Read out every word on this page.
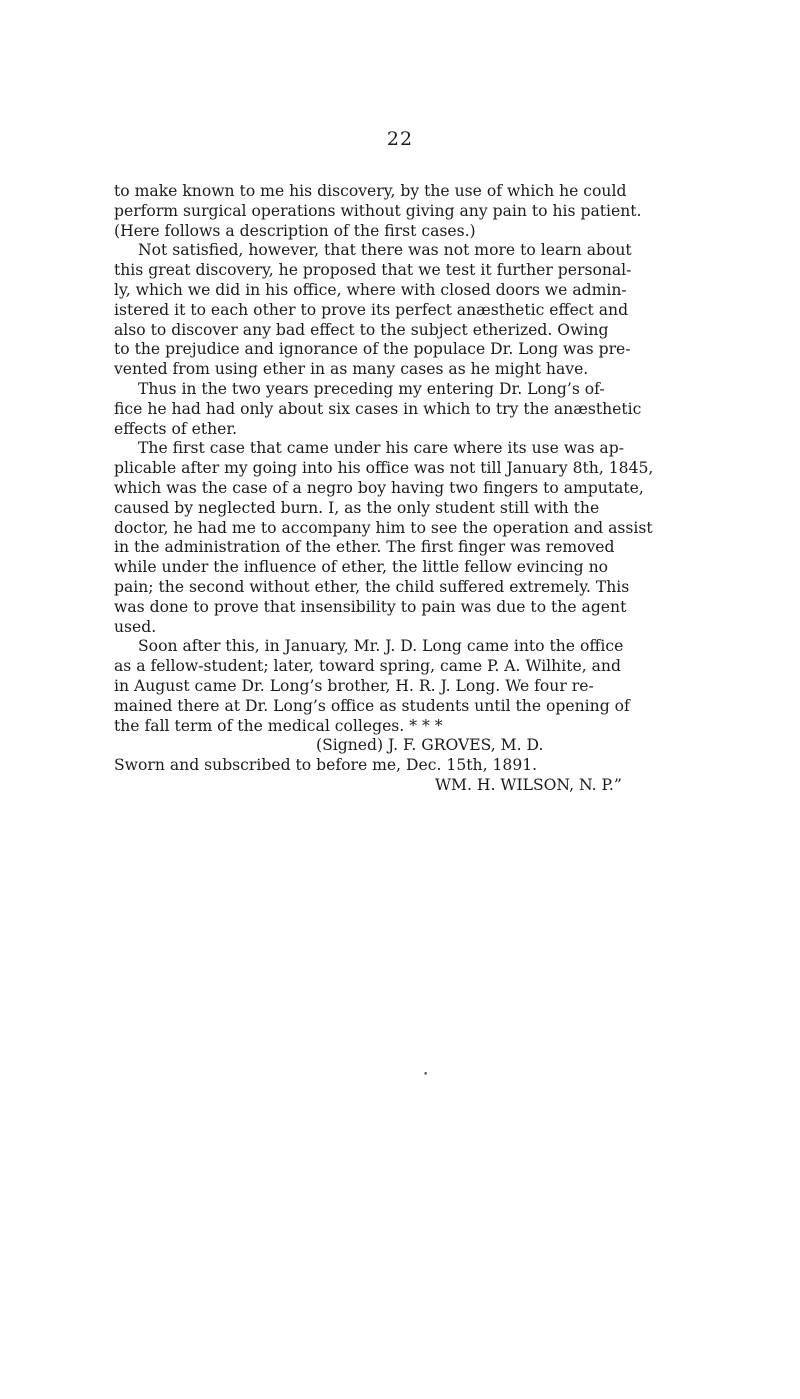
22
to make known to me his discovery, by the use of which he could
perform surgical operations without giving any pain to his patient.
(Here follows a description of the first cases.)
Not satisfied, however, that there was not more to learn about
this great discovery, he proposed that we test it further personal-
ly, which we did in his office, where with closed doors we admin-
istered it to each other to prove its perfect anæsthetic effect and
also to discover any bad effect to the subject etherized. Owing
to the prejudice and ignorance of the populace Dr. Long was pre-
vented from using ether in as many cases as he might have.
Thus in the two years preceding my entering Dr. Long’s of-
fice he had had only about six cases in which to try the anæsthetic
effects of ether.
The first case that came under his care where its use was ap-
plicable after my going into his office was not till January 8th, 1845,
which was the case of a negro boy having two fingers to amputate,
caused by neglected burn. I, as the only student still with the
doctor, he had me to accompany him to see the operation and assist
in the administration of the ether. The first finger was removed
while under the influence of ether, the little fellow evincing no
pain; the second without ether, the child suffered extremely. This
was done to prove that insensibility to pain was due to the agent
used.
Soon after this, in January, Mr. J. D. Long came into the office
as a fellow-student; later, toward spring, came P. A. Wilhite, and
in August came Dr. Long’s brother, H. R. J. Long. We four re-
mained there at Dr. Long’s office as students until the opening of
the fall term of the medical colleges. * * *
(Signed) J. F. GROVES, M. D.
Sworn and subscribed to before me, Dec. 15th, 1891.
WM. H. WILSON, N. P.”
•
